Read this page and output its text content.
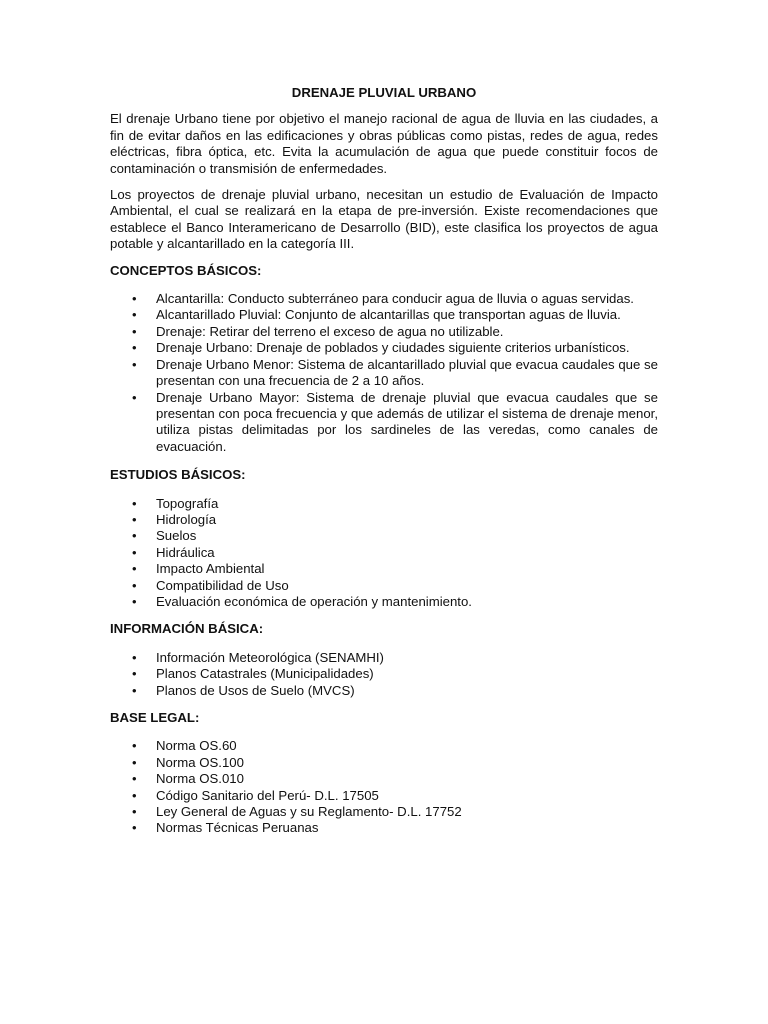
DRENAJE PLUVIAL URBANO

El drenaje Urbano tiene por objetivo el manejo racional de agua de lluvia en las ciudades, a fin de evitar daños en las edificaciones y obras públicas como pistas, redes de agua, redes eléctricas, fibra óptica, etc. Evita la acumulación de agua que puede constituir focos de contaminación o transmisión de enfermedades.

Los proyectos de drenaje pluvial urbano, necesitan un estudio de Evaluación de Impacto Ambiental, el cual se realizará en la etapa de pre-inversión. Existe recomendaciones que establece el Banco Interamericano de Desarrollo (BID), este clasifica los proyectos de agua potable y alcantarillado en la categoría III.

CONCEPTOS BÁSICOS:
• Alcantarilla: Conducto subterráneo para conducir agua de lluvia o aguas servidas.
• Alcantarillado Pluvial: Conjunto de alcantarillas que transportan aguas de lluvia.
• Drenaje: Retirar del terreno el exceso de agua no utilizable.
• Drenaje Urbano: Drenaje de poblados y ciudades siguiente criterios urbanísticos.
• Drenaje Urbano Menor: Sistema de alcantarillado pluvial que evacua caudales que se presentan con una frecuencia de 2 a 10 años.
• Drenaje Urbano Mayor: Sistema de drenaje pluvial que evacua caudales que se presentan con poca frecuencia y que además de utilizar el sistema de drenaje menor, utiliza pistas delimitadas por los sardineles de las veredas, como canales de evacuación.
ESTUDIOS BÁSICOS:
• Topografía
• Hidrología
• Suelos
• Hidráulica
• Impacto Ambiental
• Compatibilidad de Uso
• Evaluación económica de operación y mantenimiento.
INFORMACIÓN BÁSICA:
• Información Meteorológica (SENAMHI)
• Planos Catastrales (Municipalidades)
• Planos de Usos de Suelo (MVCS)
BASE LEGAL:
• Norma OS.60
• Norma OS.100
• Norma OS.010
• Código Sanitario del Perú- D.L. 17505
• Ley General de Aguas y su Reglamento- D.L. 17752
• Normas Técnicas Peruanas
